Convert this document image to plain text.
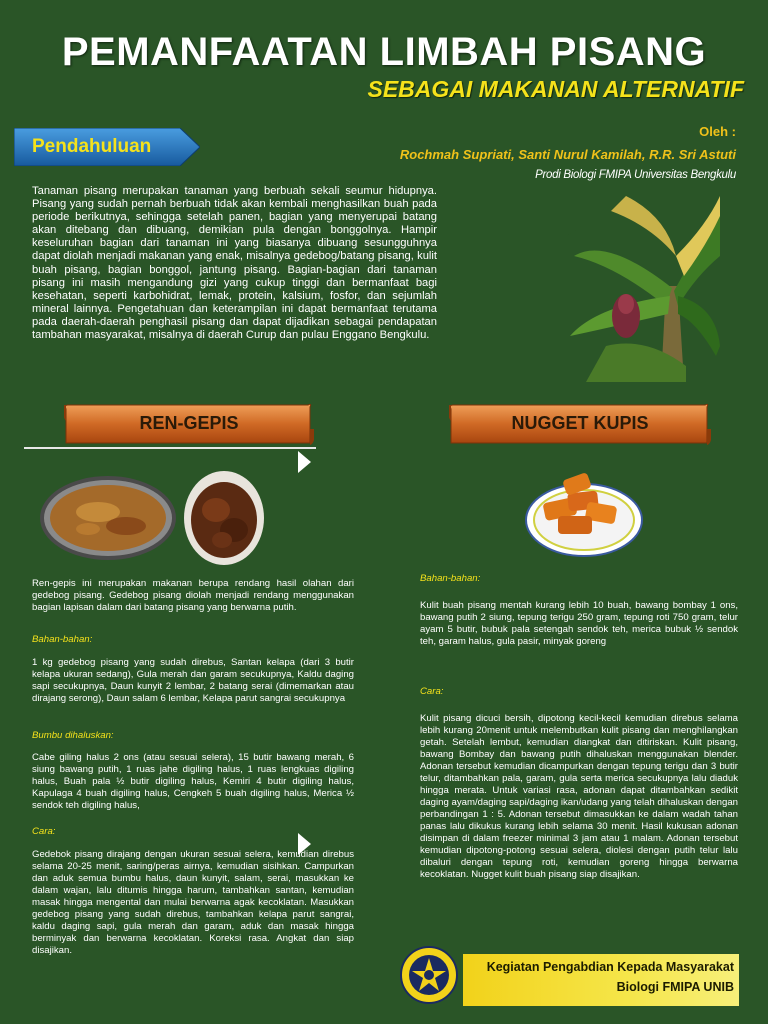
PEMANFAATAN LIMBAH PISANG
SEBAGAI MAKANAN ALTERNATIF
Pendahuluan
Oleh :
Rochmah Supriati, Santi Nurul Kamilah, R.R. Sri Astuti
Prodi Biologi FMIPA Universitas Bengkulu
Tanaman pisang merupakan tanaman yang berbuah sekali seumur hidupnya. Pisang yang sudah pernah berbuah tidak akan kembali menghasilkan buah pada periode berikutnya, sehingga setelah panen, bagian yang menyerupai batang akan ditebang dan dibuang, demikian pula dengan bonggolnya. Hampir keseluruhan bagian dari tanaman ini yang biasanya dibuang sesungguhnya dapat diolah menjadi makanan yang enak, misalnya gedebog/batang pisang, kulit buah pisang, bagian bonggol, jantung pisang. Bagian-bagian dari tanaman pisang ini masih mengandung gizi yang cukup tinggi dan bermanfaat bagi kesehatan, seperti karbohidrat, lemak, protein, kalsium, fosfor, dan sejumlah mineral lainnya. Pengetahuan dan keterampilan ini dapat bermanfaat terutama pada daerah-daerah penghasil pisang dan dapat dijadikan sebagai pendapatan tambahan masyarakat, misalnya di daerah Curup dan pulau Enggano Bengkulu.
REN-GEPIS	NUGGET KUPIS
Ren-gepis ini merupakan makanan berupa rendang hasil olahan dari gedebog pisang. Gedebog pisang diolah menjadi rendang menggunakan bagian lapisan dalam dari batang pisang yang berwarna putih.
Bahan-bahan:
1 kg gedebog pisang yang sudah direbus, Santan kelapa (dari 3 butir kelapa ukuran sedang), Gula merah dan garam secukupnya, Kaldu daging sapi secukupnya, Daun kunyit 2 lembar, 2 batang serai (dimemarkan atau dirajang serong), Daun salam 6 lembar, Kelapa parut sangrai secukupnya
Bumbu dihaluskan:
Cabe giling halus 2 ons (atau sesuai selera), 15 butir bawang merah, 6 siung bawang putih, 1 ruas jahe digiling halus, 1 ruas lengkuas digiling halus, Buah pala ½ butir digiling halus, Kemiri 4 butir digiling halus, Kapulaga 4 buah digiling halus, Cengkeh 5 buah digiling halus, Merica ½ sendok teh digiling halus,
Cara:
Gedebok pisang dirajang dengan ukuran sesuai selera, kemudian direbus selama 20-25 menit, saring/peras airnya, kemudian sisihkan. Campurkan dan aduk semua bumbu halus, daun kunyit, salam, serai, masukkan ke dalam wajan, lalu ditumis hingga harum, tambahkan santan, kemudian masak hingga mengental dan mulai berwarna agak kecoklatan. Masukkan gedebog pisang yang sudah direbus, tambahkan kelapa parut sangrai, kaldu daging sapi, gula merah dan garam, aduk dan masak hingga berminyak dan berwarna kecoklatan. Koreksi rasa. Angkat dan siap disajikan.
Bahan-bahan:
Kulit buah pisang mentah kurang lebih 10 buah, bawang bombay 1 ons, bawang putih 2 siung, tepung terigu 250 gram, tepung roti 750 gram, telur ayam 5 butir, bubuk pala setengah sendok teh, merica bubuk ½ sendok teh, garam halus, gula pasir, minyak goreng
Cara:
Kulit pisang dicuci bersih, dipotong kecil-kecil kemudian direbus selama lebih kurang 20menit untuk melembutkan kulit pisang dan menghilangkan getah. Setelah lembut, kemudian diangkat dan ditiriskan. Kulit pisang, bawang Bombay dan bawang putih dihaluskan menggunakan blender. Adonan tersebut kemudian dicampurkan dengan tepung terigu dan 3 butir telur, ditambahkan pala, garam, gula serta merica secukupnya lalu diaduk hingga merata. Untuk variasi rasa, adonan dapat ditambahkan sedikit daging ayam/daging sapi/daging ikan/udang yang telah dihaluskan dengan perbandingan 1 : 5. Adonan tersebut dimasukkan ke dalam wadah tahan panas lalu dikukus kurang lebih selama 30 menit. Hasil kukusan adonan disimpan di dalam freezer minimal 3 jam atau 1 malam. Adonan tersebut kemudian dipotong-potong sesuai selera, diolesi dengan putih telur lalu dibaluri dengan tepung roti, kemudian goreng hingga berwarna kecoklatan. Nugget kulit buah pisang siap disajikan.
Kegiatan Pengabdian Kepada Masyarakat
Biologi FMIPA UNIB
